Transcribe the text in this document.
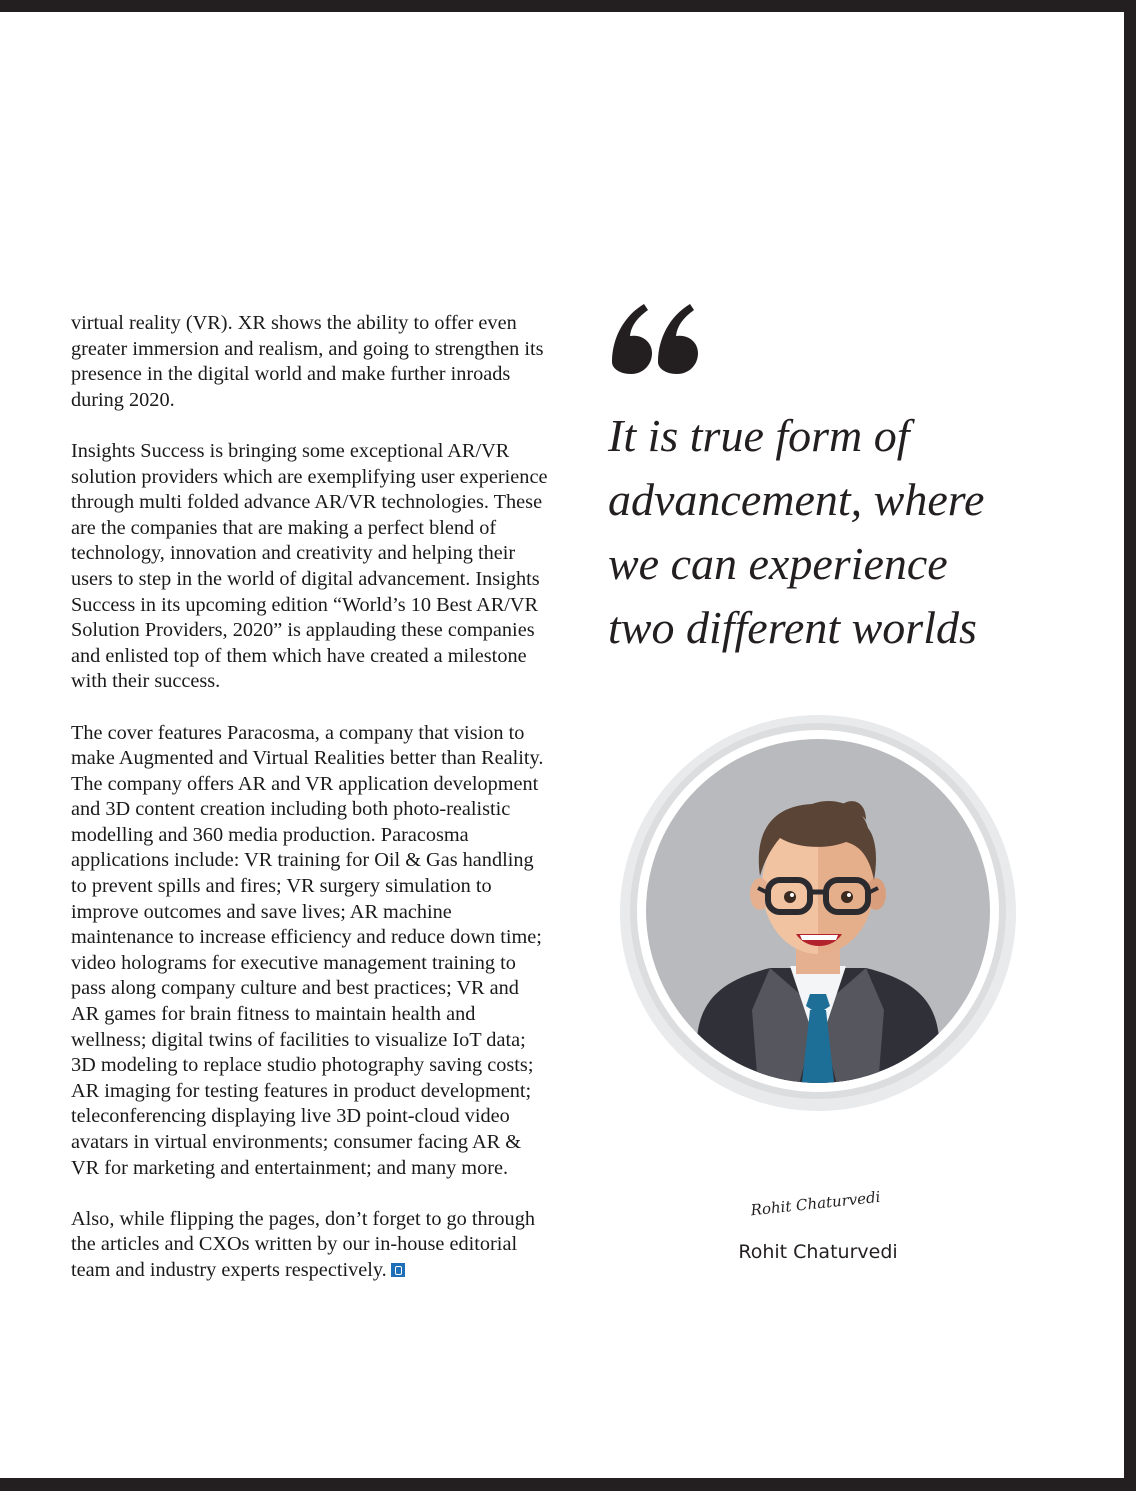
virtual reality (VR). XR shows the ability to offer even greater immersion and realism, and going to strengthen its presence in the digital world and make further inroads during 2020.

Insights Success is bringing some exceptional AR/VR solution providers which are exemplifying user experience through multi folded advance AR/VR technologies. These are the companies that are making a perfect blend of technology, innovation and creativity and helping their users to step in the world of digital advancement. Insights Success in its upcoming edition “World’s 10 Best AR/VR Solution Providers, 2020” is applauding these companies and enlisted top of them which have created a milestone with their success.

The cover features Paracosma, a company that vision to make Augmented and Virtual Realities better than Reality. The company offers AR and VR application development and 3D content creation including both photo-realistic modelling and 360 media production. Paracosma applications include: VR training for Oil & Gas handling to prevent spills and fires; VR surgery simulation to improve outcomes and save lives; AR machine maintenance to increase efficiency and reduce down time; video holograms for executive management training to pass along company culture and best practices; VR and AR games for brain fitness to maintain health and wellness; digital twins of facilities to visualize IoT data; 3D modeling to replace studio photography saving costs; AR imaging for testing features in product development; teleconferencing displaying live 3D point-cloud video avatars in virtual environments; consumer facing AR & VR for marketing and entertainment; and many more.

Also, while flipping the pages, don’t forget to go through the articles and CXOs written by our in-house editorial team and industry experts respectively.

It is true form of
advancement, where
we can experience
two different worlds
Rohit Chaturvedi
Rohit Chaturvedi
